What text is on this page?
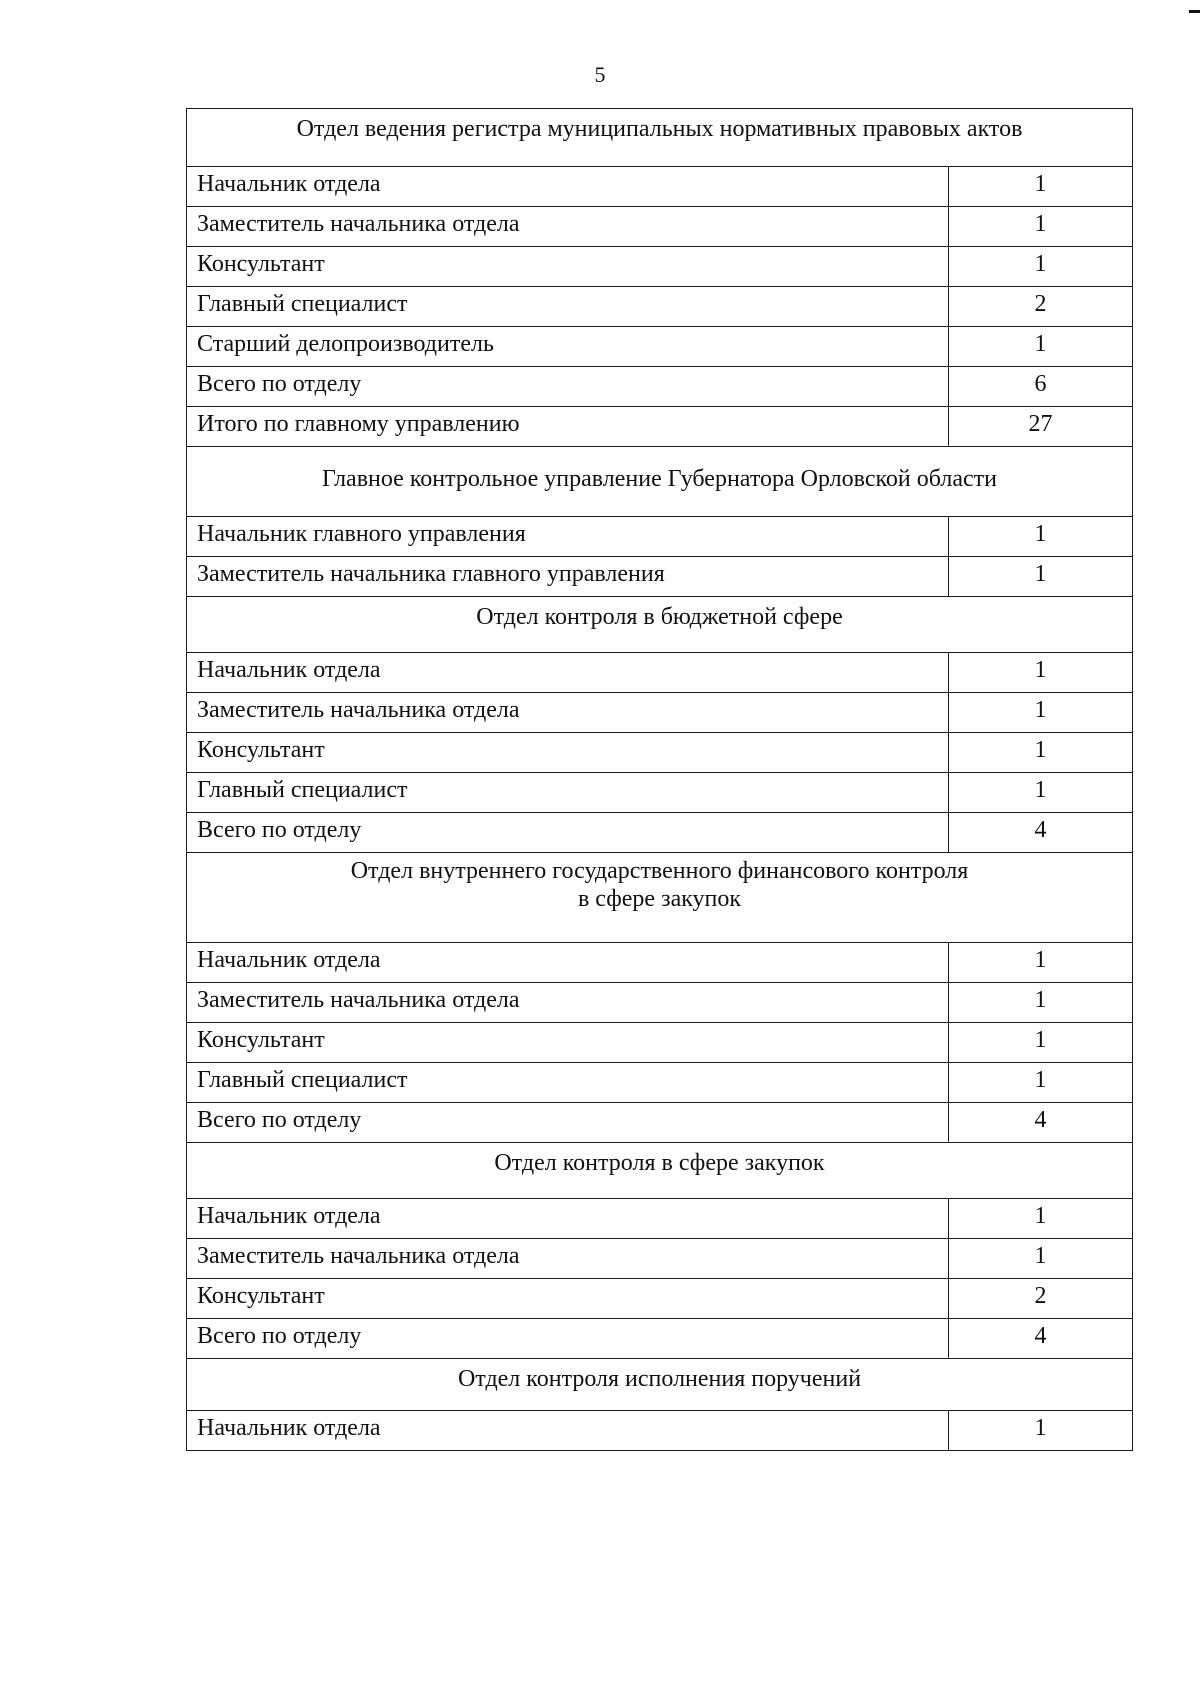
5
Отдел ведения регистра муниципальных нормативных правовых актов	

Начальник отдела	1
Заместитель начальника отдела	1
Консультант	1
Главный специалист	2
Старший делопроизводитель	1
Всего по отделу	6
Итого по главному управлению	27

Главное контрольное управление Губернатора Орловской области	

Начальник главного управления	1
Заместитель начальника главного управления	1

Отдел контроля в бюджетной сфере	

Начальник отдела	1
Заместитель начальника отдела	1
Консультант	1
Главный специалист	1
Всего по отделу	4

Отдел внутреннего государственного финансового контроля
в сфере закупок	

Начальник отдела	1
Заместитель начальника отдела	1
Консультант	1
Главный специалист	1
Всего по отделу	4

Отдел контроля в сфере закупок	

Начальник отдела	1
Заместитель начальника отдела	1
Консультант	2
Всего по отделу	4

Отдел контроля исполнения поручений	

Начальник отдела	1
